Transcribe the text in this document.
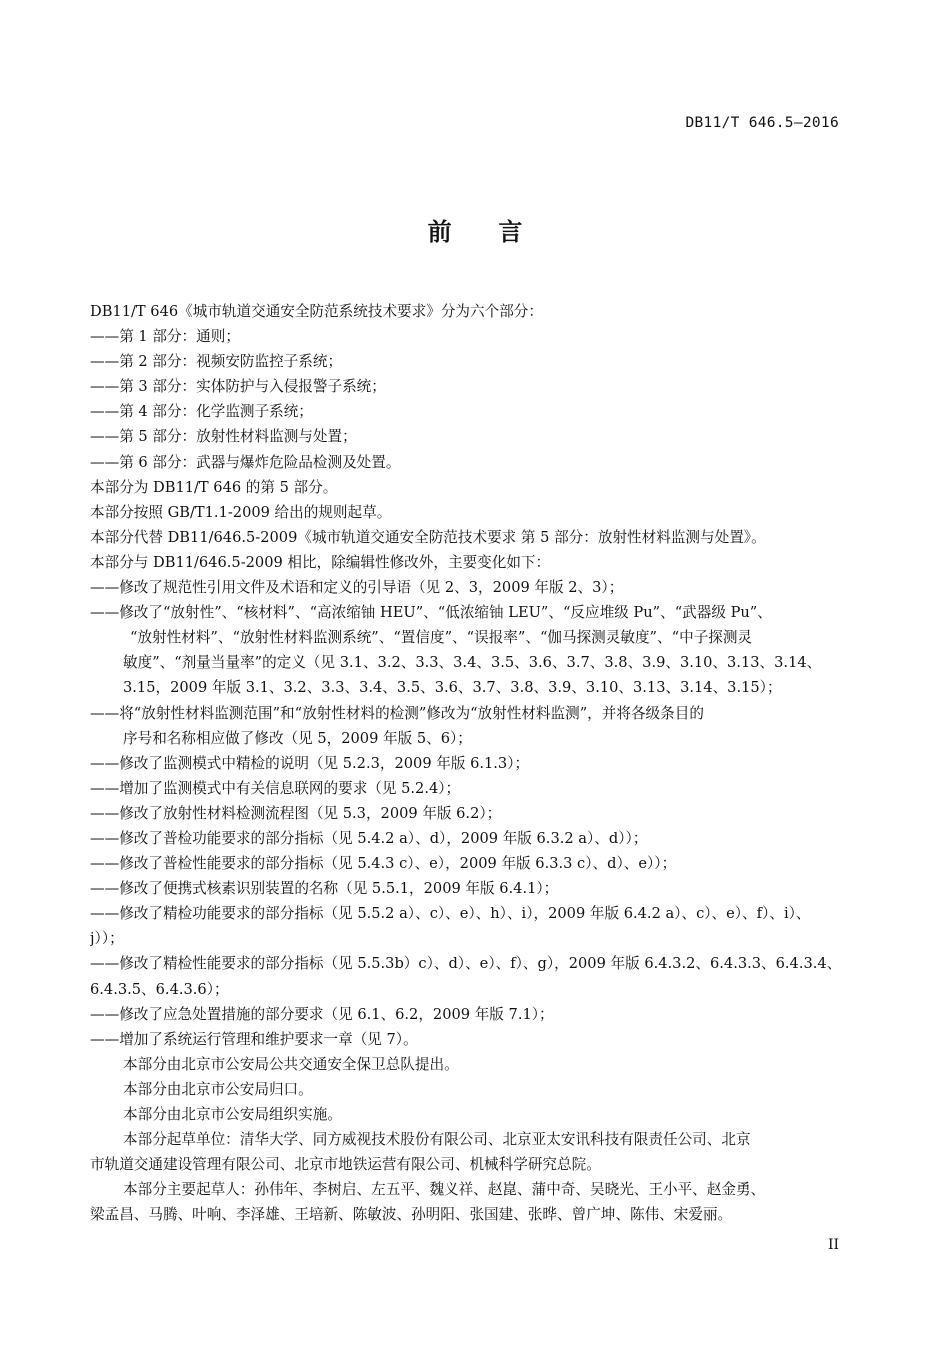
DB11/T 646.5—2016
前 言
DB11/T 646《城市轨道交通安全防范系统技术要求》分为六个部分：
——第 1 部分：通则；
——第 2 部分：视频安防监控子系统；
——第 3 部分：实体防护与入侵报警子系统；
——第 4 部分：化学监测子系统；
——第 5 部分：放射性材料监测与处置；
——第 6 部分：武器与爆炸危险品检测及处置。
本部分为 DB11/T 646 的第 5 部分。
本部分按照 GB/T1.1-2009 给出的规则起草。
本部分代替 DB11/646.5-2009《城市轨道交通安全防范技术要求 第 5 部分：放射性材料监测与处置》。
本部分与 DB11/646.5-2009 相比，除编辑性修改外，主要变化如下：
——修改了规范性引用文件及术语和定义的引导语（见 2、3，2009 年版 2、3）；
——修改了“放射性”、“核材料”、“高浓缩铀 HEU”、“低浓缩铀 LEU”、“反应堆级 Pu”、“武器级 Pu”、
“放射性材料”、“放射性材料监测系统”、“置信度”、“误报率”、“伽马探测灵敏度”、“中子探测灵
敏度”、“剂量当量率”的定义（见 3.1、3.2、3.3、3.4、3.5、3.6、3.7、3.8、3.9、3.10、3.13、3.14、
3.15，2009 年版 3.1、3.2、3.3、3.4、3.5、3.6、3.7、3.8、3.9、3.10、3.13、3.14、3.15）；
——将“放射性材料监测范围”和“放射性材料的检测”修改为“放射性材料监测”，并将各级条目的
序号和名称相应做了修改（见 5，2009 年版 5、6）；
——修改了监测模式中精检的说明（见 5.2.3，2009 年版 6.1.3）；
——增加了监测模式中有关信息联网的要求（见 5.2.4）；
——修改了放射性材料检测流程图（见 5.3，2009 年版 6.2）；
——修改了普检功能要求的部分指标（见 5.4.2 a）、d），2009 年版 6.3.2 a）、d））；
——修改了普检性能要求的部分指标（见 5.4.3 c）、e），2009 年版 6.3.3 c）、d）、e））；
——修改了便携式核素识别装置的名称（见 5.5.1，2009 年版 6.4.1）；
——修改了精检功能要求的部分指标（见 5.5.2 a）、c）、e）、h）、i），2009 年版 6.4.2 a）、c）、e）、f）、i）、
j））；
——修改了精检性能要求的部分指标（见 5.5.3b）c）、d）、e）、f）、g），2009 年版 6.4.3.2、6.4.3.3、6.4.3.4、
6.4.3.5、6.4.3.6）；
——修改了应急处置措施的部分要求（见 6.1、6.2，2009 年版 7.1）；
——增加了系统运行管理和维护要求一章（见 7）。
本部分由北京市公安局公共交通安全保卫总队提出。
本部分由北京市公安局归口。
本部分由北京市公安局组织实施。
本部分起草单位：清华大学、同方威视技术股份有限公司、北京亚太安讯科技有限责任公司、北京
市轨道交通建设管理有限公司、北京市地铁运营有限公司、机械科学研究总院。
本部分主要起草人：孙伟年、李树启、左五平、魏义祥、赵崑、蒲中奇、吴晓光、王小平、赵金勇、
梁孟昌、马腾、叶响、李泽雄、王培新、陈敏波、孙明阳、张国建、张晔、曾广坤、陈伟、宋爱丽。
II
